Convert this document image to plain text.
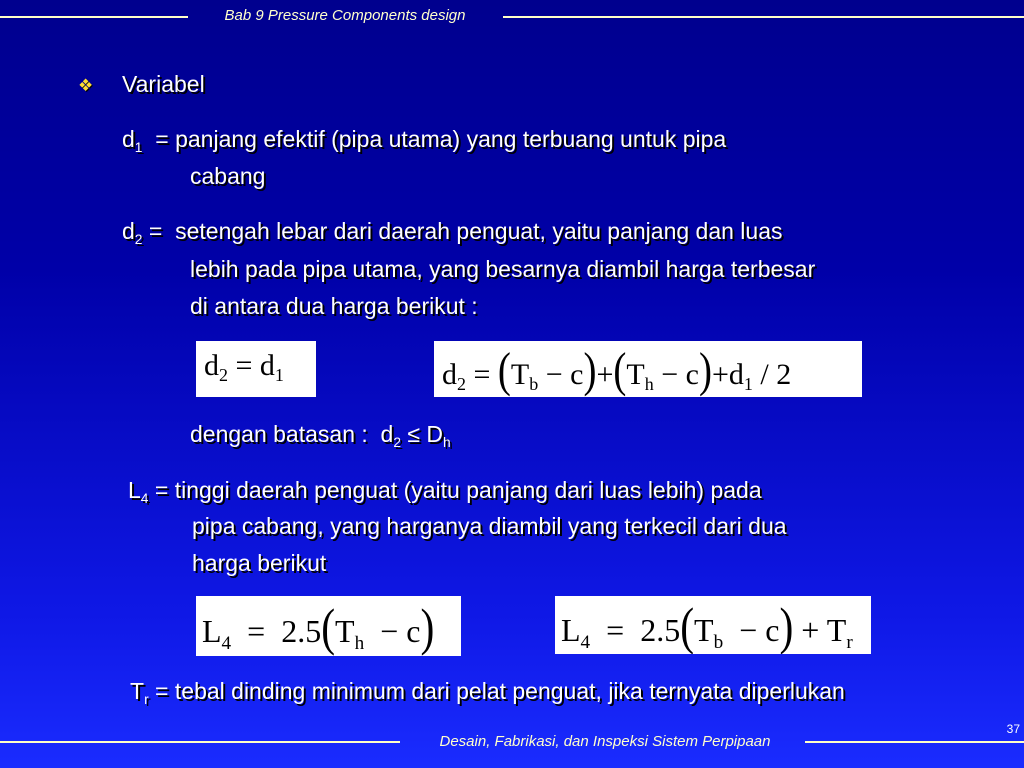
Bab 9 Pressure Components design
❖ Variabel
$d_1$  = panjang efektif (pipa utama) yang terbuang untuk pipa
cabang
$d_2$ =  setengah lebar dari daerah penguat, yaitu panjang dan luas
lebih pada pipa utama, yang besarnya diambil harga terbesar
di antara dua harga berikut :
$d_2 = d_1$	$d_2 = (T_b - c)+(T_h - c)+d_1 / 2$
dengan batasan :  $d_2 \le D_h$
$L_4$ = tinggi daerah penguat (yaitu panjang dari luas lebih) pada
pipa cabang, yang harganya diambil yang terkecil dari dua
harga berikut
$L_4 = 2.5(T_h - c)$	$L_4 = 2.5(T_b - c) + T_r$
$T_r$ = tebal dinding minimum dari pelat penguat, jika ternyata diperlukan
37
Desain, Fabrikasi, dan Inspeksi Sistem Perpipaan
